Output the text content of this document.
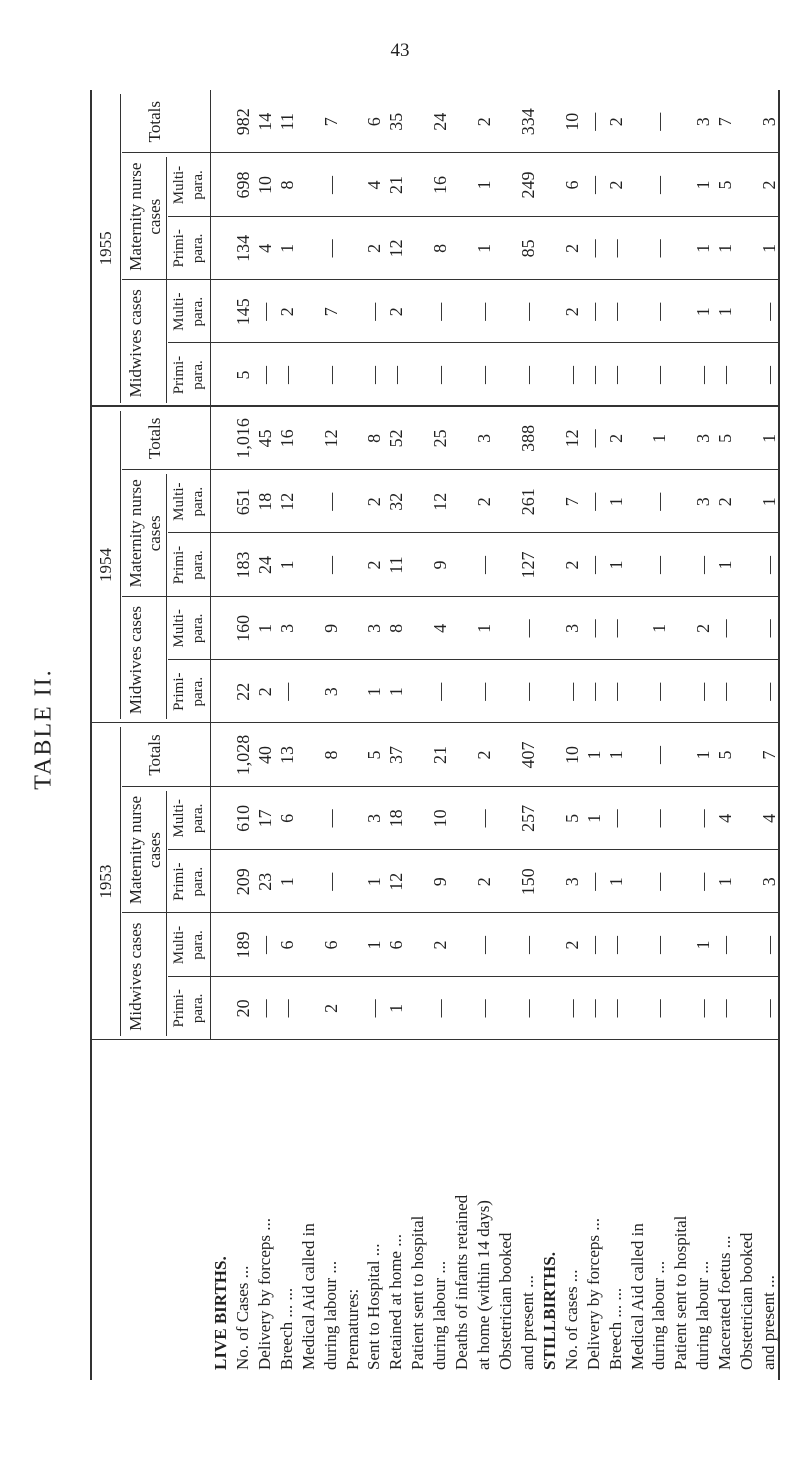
43
TABLE II.
1953
Midwives cases
Maternity nurse cases
Primi-para.
Multi-para.
Primi-para.
Multi-para.
Totals
1954
Midwives cases
Maternity nurse cases
Primi-para.
Multi-para.
Primi-para.
Multi-para.
Totals
1955
Midwives cases
Maternity nurse cases
Primi-para.
Multi-para.
Primi-para.
Multi-para.
Totals
LIVE BIRTHS. No. of Cases ...
20
189
209
610
1,028
22
160
183
651
1,016
5
145
134
698
982
Delivery by forceps ...
—
—
23
17
40
2
1
24
18
45
—
—
4
10
14
Breech ... ...
—
6
1
6
13
—
3
1
12
16
—
2
1
8
11
Medical Aid called in during labour ...
2
6
—
—
8
3
9
—
—
12
—
7
—
—
7
Prematures: Sent to Hospital ...
—
1
1
3
5
1
3
2
2
8
—
—
2
4
6
Retained at home ...
1
6
12
18
37
1
8
11
32
52
—
2
12
21
35
Patient sent to hospital during labour ...
—
2
9
10
21
—
4
9
12
25
—
—
8
16
24
Deaths of infants retained at home (within 14 days)
—
—
2
—
2
—
1
—
2
3
—
—
1
1
2
Obstetrician booked and present ...
—
—
150
257
407
—
—
127
261
388
—
—
85
249
334
STILLBIRTHS. No. of cases ...
—
2
3
5
10
—
3
2
7
12
—
2
2
6
10
Delivery by forceps ...
—
—
—
1
1
—
—
—
—
—
—
—
—
—
—
Breech ... ...
—
—
1
—
1
—
—
1
1
2
—
—
—
2
2
Medical Aid called in during labour ...
—
—
—
—
—
—
1
—
—
1
—
—
—
—
—
Patient sent to hospital during labour ...
—
1
—
—
1
—
2
—
3
3
—
1
1
1
3
Macerated foetus ...
—
—
1
4
5
—
—
1
2
5
—
1
1
5
7
Obstetrician booked and present ...
—
—
3
4
7
—
—
—
1
1
—
—
1
2
3
